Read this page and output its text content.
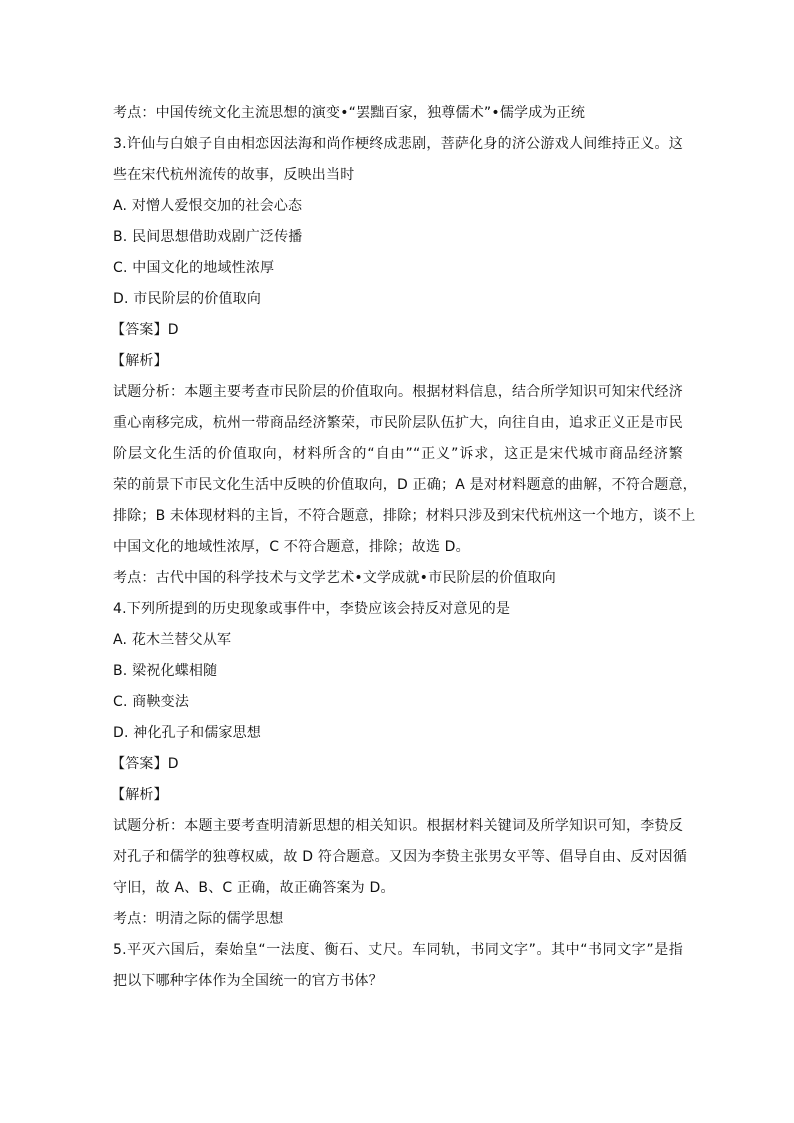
考点：中国传统文化主流思想的演变•“罢黜百家，独尊儒术”•儒学成为正统
3.许仙与白娘子自由相恋因法海和尚作梗终成悲剧，菩萨化身的济公游戏人间维持正义。这
些在宋代杭州流传的故事，反映出当时
A. 对憎人爱恨交加的社会心态
B. 民间思想借助戏剧广泛传播
C. 中国文化的地域性浓厚
D. 市民阶层的价值取向
【答案】D
【解析】
试题分析：本题主要考查市民阶层的价值取向。根据材料信息，结合所学知识可知宋代经济
重心南移完成，杭州一带商品经济繁荣，市民阶层队伍扩大，向往自由，追求正义正是市民
阶层文化生活的价值取向，材料所含的“自由”“正义”诉求，这正是宋代城市商品经济繁
荣的前景下市民文化生活中反映的价值取向，D 正确；A 是对材料题意的曲解，不符合题意，
排除；B 未体现材料的主旨，不符合题意，排除；材料只涉及到宋代杭州这一个地方，谈不上
中国文化的地域性浓厚，C 不符合题意，排除；故选 D。
考点：古代中国的科学技术与文学艺术•文学成就•市民阶层的价值取向
4.下列所提到的历史现象或事件中，李贽应该会持反对意见的是
A. 花木兰替父从军
B. 梁祝化蝶相随
C. 商鞅变法
D. 神化孔子和儒家思想
【答案】D
【解析】
试题分析：本题主要考查明清新思想的相关知识。根据材料关键词及所学知识可知，李贽反
对孔子和儒学的独尊权威，故 D 符合题意。又因为李贽主张男女平等、倡导自由、反对因循
守旧，故 A、B、C 正确，故正确答案为 D。
考点：明清之际的儒学思想
5.平灭六国后，秦始皇“一法度、衡石、丈尺。车同轨，书同文字”。其中“书同文字”是指
把以下哪种字体作为全国统一的官方书体？
